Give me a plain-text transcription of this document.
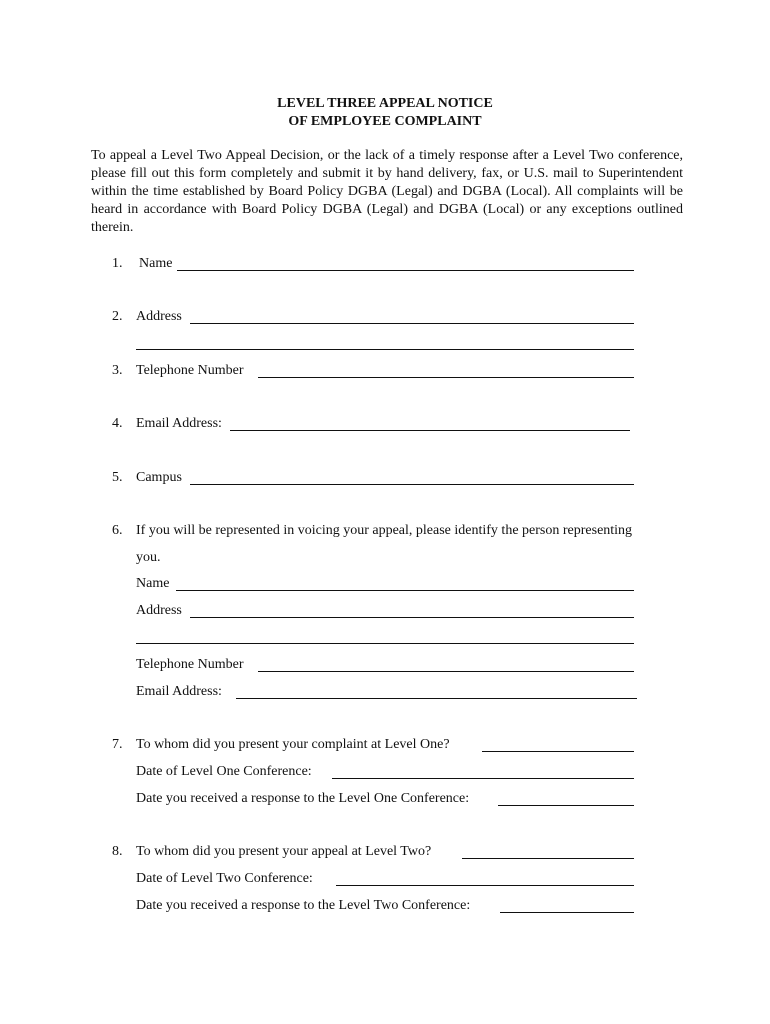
LEVEL THREE APPEAL NOTICE
OF EMPLOYEE COMPLAINT

To appeal a Level Two Appeal Decision, or the lack of a timely response after a Level Two conference, please fill out this form completely and submit it by hand delivery, fax, or U.S. mail to Superintendent within the time established by Board Policy DGBA (Legal) and DGBA (Local). All complaints will be heard in accordance with Board Policy DGBA (Legal) and DGBA (Local) or any exceptions outlined therein.

1. Name
2. Address
3. Telephone Number
4. Email Address:
5. Campus
6. If you will be represented in voicing your appeal, please identify the person representing
you.
Name
Address
Telephone Number
Email Address:
7. To whom did you present your complaint at Level One?
Date of Level One Conference:
Date you received a response to the Level One Conference:
8. To whom did you present your appeal at Level Two?
Date of Level Two Conference:
Date you received a response to the Level Two Conference:
